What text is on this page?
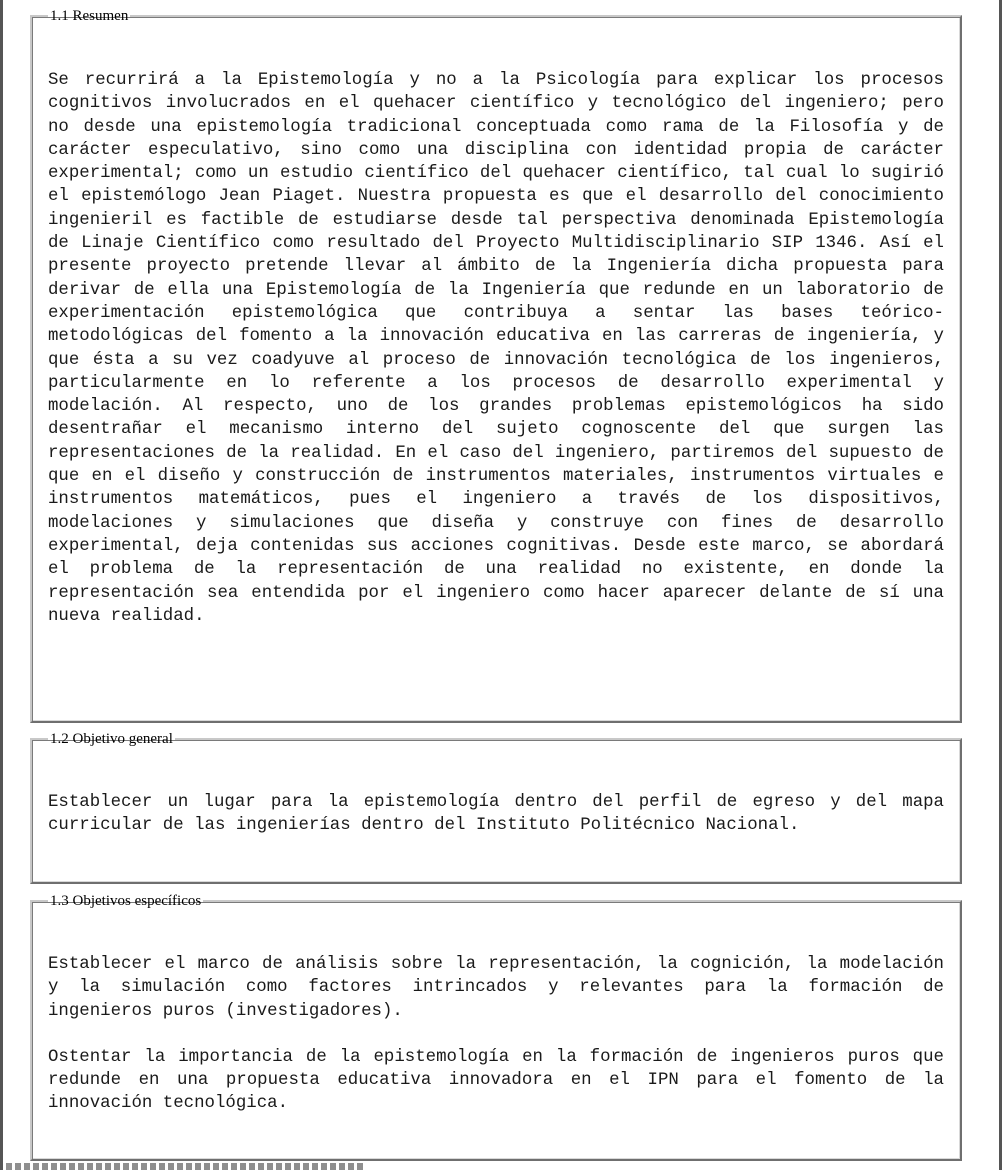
1.1 Resumen

Se recurrirá a la Epistemología y no a la Psicología para explicar los procesos cognitivos involucrados en el quehacer científico y tecnológico del ingeniero; pero no desde una epistemología tradicional conceptuada como rama de la Filosofía y de carácter especulativo, sino como una disciplina con identidad propia de carácter experimental; como un estudio científico del quehacer científico, tal cual lo sugirió el epistemólogo Jean Piaget. Nuestra propuesta es que el desarrollo del conocimiento ingenieril es factible de estudiarse desde tal perspectiva denominada Epistemología de Linaje Científico como resultado del Proyecto Multidisciplinario SIP 1346. Así el presente proyecto pretende llevar al ámbito de la Ingeniería dicha propuesta para derivar de ella una Epistemología de la Ingeniería que redunde en un laboratorio de experimentación epistemológica que contribuya a sentar las bases teórico-metodológicas del fomento a la innovación educativa en las carreras de ingeniería, y que ésta a su vez coadyuve al proceso de innovación tecnológica de los ingenieros, particularmente en lo referente a los procesos de desarrollo experimental y modelación. Al respecto, uno de los grandes problemas epistemológicos ha sido desentrañar el mecanismo interno del sujeto cognoscente del que surgen las representaciones de la realidad. En el caso del ingeniero, partiremos del supuesto de que en el diseño y construcción de instrumentos materiales, instrumentos virtuales e instrumentos matemáticos, pues el ingeniero a través de los dispositivos, modelaciones y simulaciones que diseña y construye con fines de desarrollo experimental, deja contenidas sus acciones cognitivas. Desde este marco, se abordará el problema de la representación de una realidad no existente, en donde la representación sea entendida por el ingeniero como hacer aparecer delante de sí una nueva realidad.

1.2 Objetivo general

Establecer un lugar para la epistemología dentro del perfil de egreso y del mapa curricular de las ingenierías dentro del Instituto Politécnico Nacional.

1.3 Objetivos específicos

Establecer el marco de análisis sobre la representación, la cognición, la modelación y la simulación como factores intrincados y relevantes para la formación de ingenieros puros (investigadores).

Ostentar la importancia de la epistemología en la formación de ingenieros puros que redunde en una propuesta educativa innovadora en el IPN para el fomento de la innovación tecnológica.
